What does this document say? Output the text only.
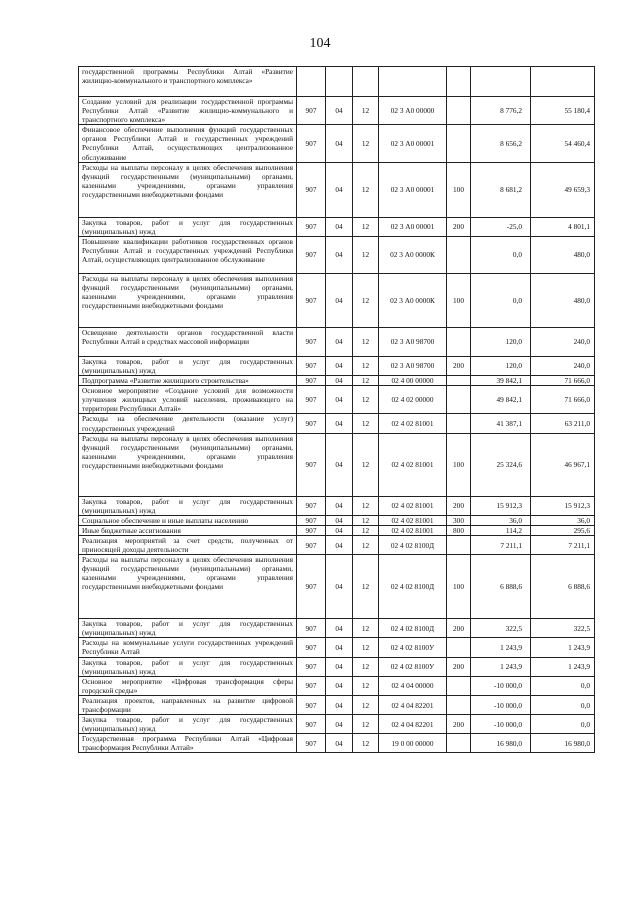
104
государственной программы Республики Алтай «Развитие жилищно-коммунального и транспортного комплекса»							
Создание условий для реализации государственной программы Республики Алтай «Развитие жилищно-коммунального и транспортного комплекса»	907	04	12	02 3 А0 00000		8 776,2	55 180,4
Финансовое обеспечение выполнения функций государственных органов Республики Алтай и государственных учреждений Республики Алтай, осуществляющих централизованное обслуживание	907	04	12	02 3 А0 00001		8 656,2	54 460,4
Расходы на выплаты персоналу в целях обеспечения выполнения функций государственными (муниципальными) органами, казенными учреждениями, органами управления государственными внебюджетными фондами	907	04	12	02 3 А0 00001	100	8 681,2	49 659,3
Закупка товаров, работ и услуг для государственных (муниципальных) нужд	907	04	12	02 3 А0 00001	200	-25,0	4 801,1
Повышение квалификации работников государственных органов Республики Алтай и государственных учреждений Республики Алтай, осуществляющих централизованное обслуживание	907	04	12	02 3 А0 0000К		0,0	480,0
Расходы на выплаты персоналу в целях обеспечения выполнения функций государственными (муниципальными) органами, казенными учреждениями, органами управления государственными внебюджетными фондами	907	04	12	02 3 А0 0000К	100	0,0	480,0
Освещение деятельности органов государственной власти Республики Алтай в средствах массовой информации	907	04	12	02 3 А0 98700		120,0	240,0
Закупка товаров, работ и услуг для государственных (муниципальных) нужд	907	04	12	02 3 А0 98700	200	120,0	240,0
Подпрограмма «Развитие жилищного строительства»	907	04	12	02 4 00 00000		39 842,1	71 666,0
Основное мероприятие «Создание условий для возможности улучшения жилищных условий населения, проживающего на территории Республики Алтай»	907	04	12	02 4 02 00000		49 842,1	71 666,0
Расходы на обеспечение деятельности (оказание услуг) государственных учреждений	907	04	12	02 4 02 81001		41 387,1	63 211,0
Расходы на выплаты персоналу в целях обеспечения выполнения функций государственными (муниципальными) органами, казенными учреждениями, органами управления государственными внебюджетными фондами	907	04	12	02 4 02 81001	100	25 324,6	46 967,1
Закупка товаров, работ и услуг для государственных (муниципальных) нужд	907	04	12	02 4 02 81001	200	15 912,3	15 912,3
Социальное обеспечение и иные выплаты населению	907	04	12	02 4 02 81001	300	36,0	36,0
Иные бюджетные ассигнования	907	04	12	02 4 02 81001	800	114,2	295,6
Реализация мероприятий за счет средств, полученных от приносящей доходы деятельности	907	04	12	02 4 02 8100Д		7 211,1	7 211,1
Расходы на выплаты персоналу в целях обеспечения выполнения функций государственными (муниципальными) органами, казенными учреждениями, органами управления государственными внебюджетными фондами	907	04	12	02 4 02 8100Д	100	6 888,6	6 888,6
Закупка товаров, работ и услуг для государственных (муниципальных) нужд	907	04	12	02 4 02 8100Д	200	322,5	322,5
Расходы на коммунальные услуги государственных учреждений Республики Алтай	907	04	12	02 4 02 8100У		1 243,9	1 243,9
Закупка товаров, работ и услуг для государственных (муниципальных) нужд	907	04	12	02 4 02 8100У	200	1 243,9	1 243,9
Основное мероприятие «Цифровая трансформация сферы городской среды»	907	04	12	02 4 04 00000		-10 000,0	0,0
Реализация проектов, направленных на развитие цифровой трансформации	907	04	12	02 4 04 82201		-10 000,0	0,0
Закупка товаров, работ и услуг для государственных (муниципальных) нужд	907	04	12	02 4 04 82201	200	-10 000,0	0,0
Государственная программа Республики Алтай «Цифровая трансформация Республики Алтай»	907	04	12	19 0 00 00000		16 980,0	16 980,0
